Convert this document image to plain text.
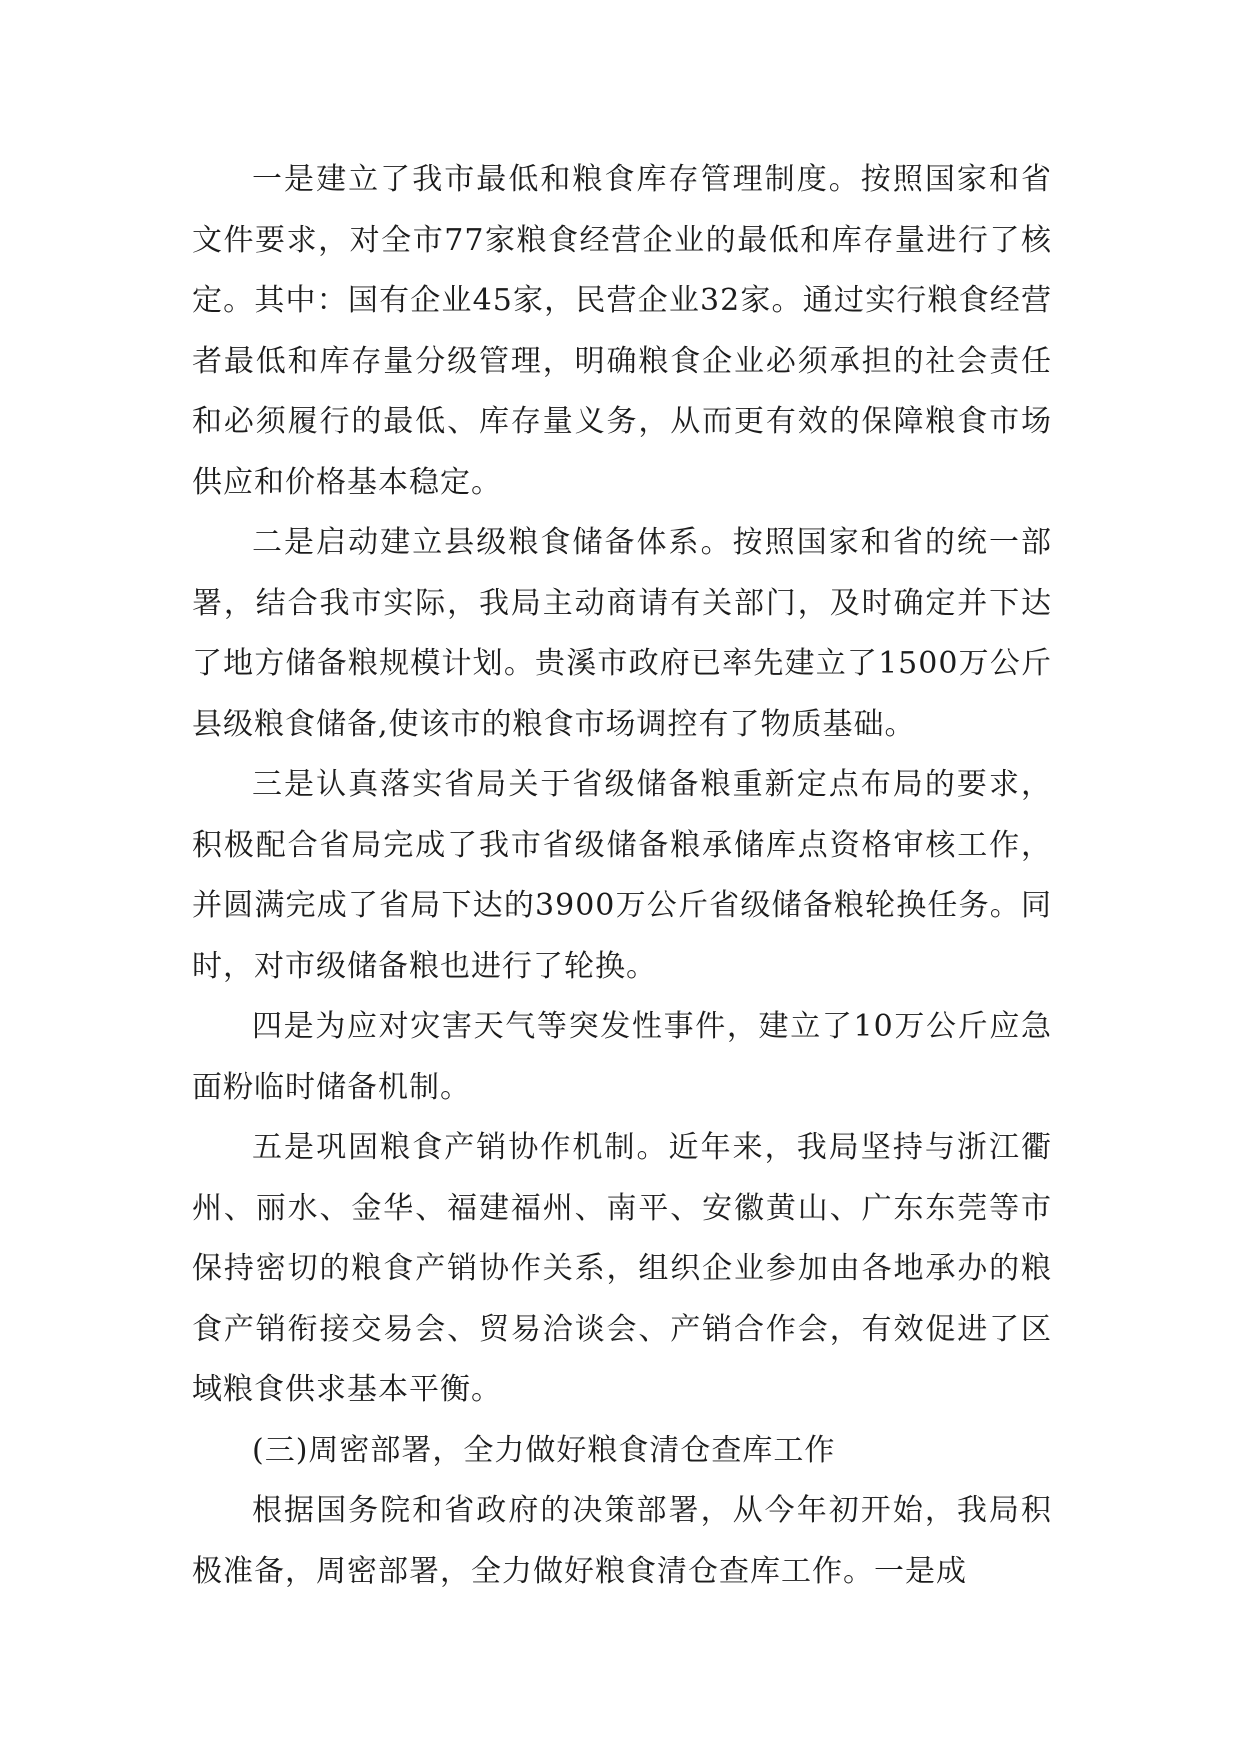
一是建立了我市最低和粮食库存管理制度。按照国家和省文件要求，对全市77家粮食经营企业的最低和库存量进行了核定。其中：国有企业45家，民营企业32家。通过实行粮食经营者最低和库存量分级管理，明确粮食企业必须承担的社会责任和必须履行的最低、库存量义务，从而更有效的保障粮食市场供应和价格基本稳定。

二是启动建立县级粮食储备体系。按照国家和省的统一部署，结合我市实际，我局主动商请有关部门，及时确定并下达了地方储备粮规模计划。贵溪市政府已率先建立了1500万公斤县级粮食储备,使该市的粮食市场调控有了物质基础。

三是认真落实省局关于省级储备粮重新定点布局的要求，积极配合省局完成了我市省级储备粮承储库点资格审核工作，并圆满完成了省局下达的3900万公斤省级储备粮轮换任务。同时，对市级储备粮也进行了轮换。

四是为应对灾害天气等突发性事件，建立了10万公斤应急面粉临时储备机制。

五是巩固粮食产销协作机制。近年来，我局坚持与浙江衢州、丽水、金华、福建福州、南平、安徽黄山、广东东莞等市保持密切的粮食产销协作关系，组织企业参加由各地承办的粮食产销衔接交易会、贸易洽谈会、产销合作会，有效促进了区域粮食供求基本平衡。

(三)周密部署，全力做好粮食清仓查库工作

根据国务院和省政府的决策部署，从今年初开始，我局积极准备，周密部署，全力做好粮食清仓查库工作。一是成
